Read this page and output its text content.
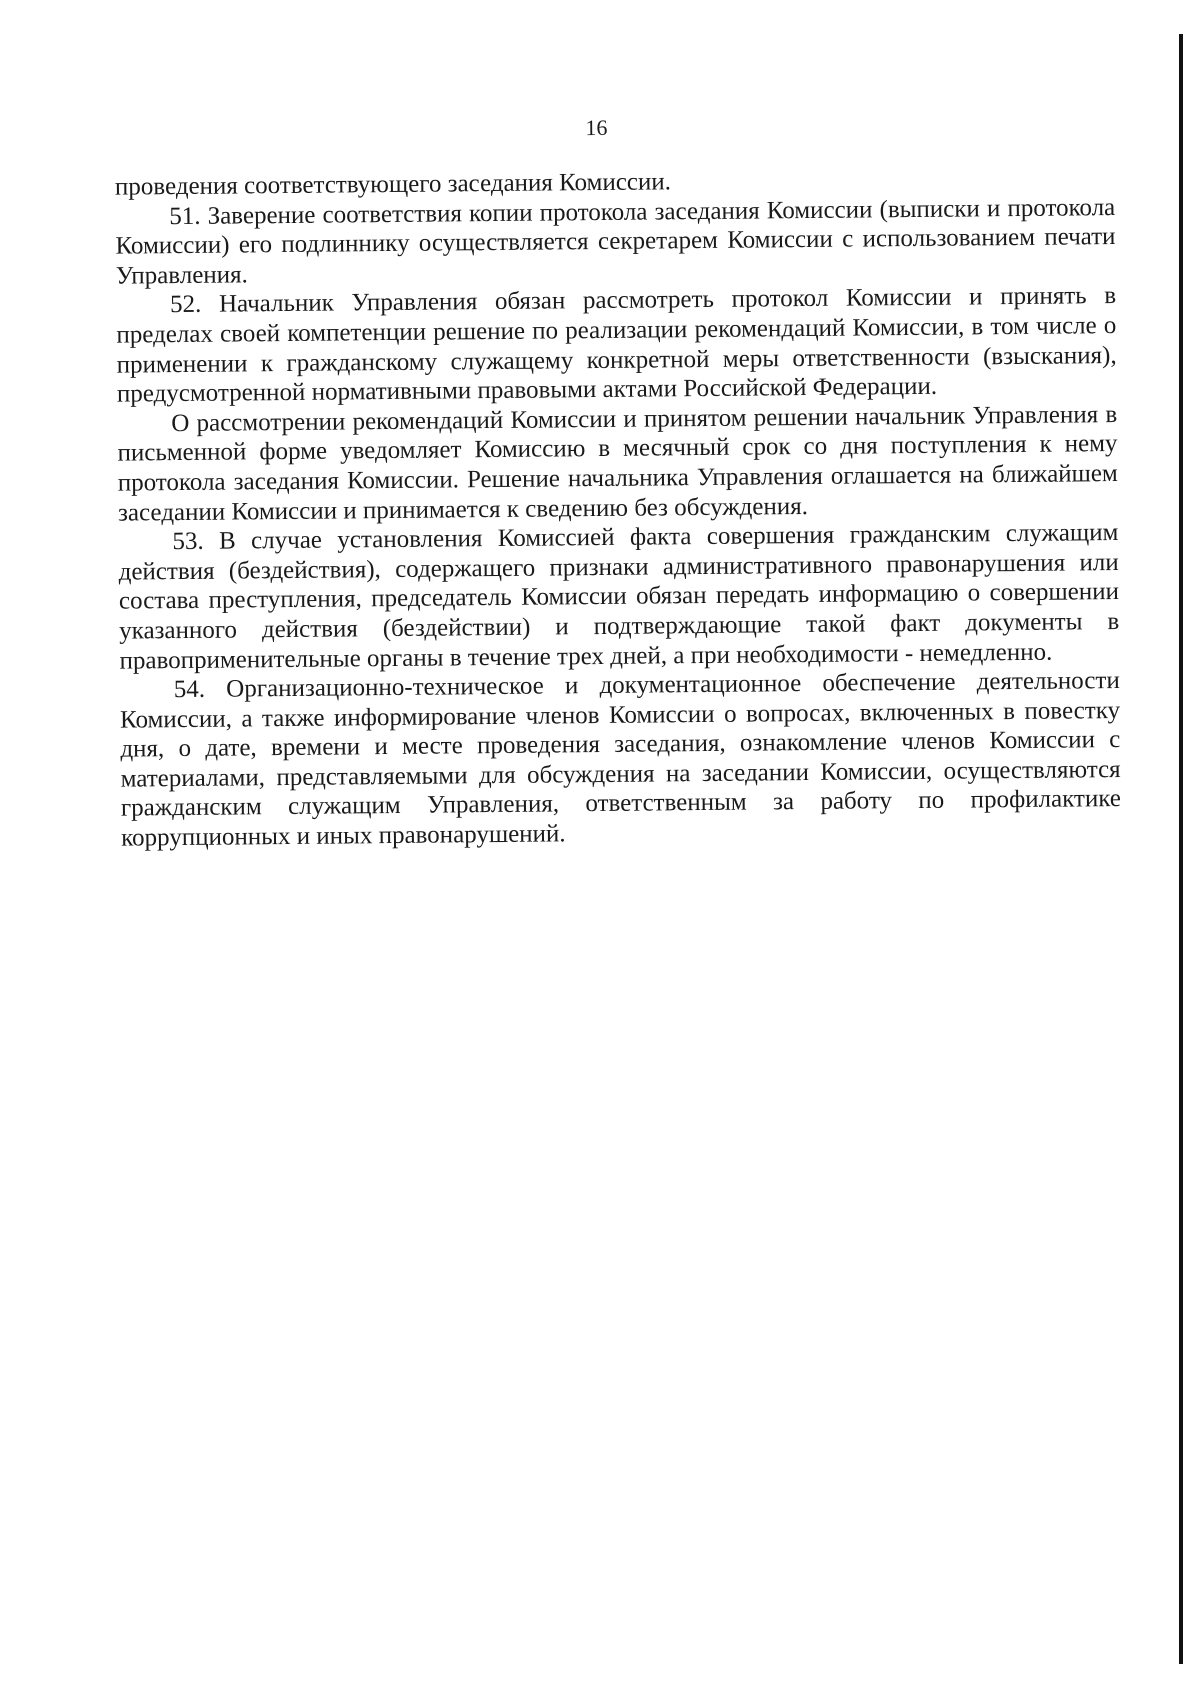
16

проведения соответствующего заседания Комиссии.

51. Заверение соответствия копии протокола заседания Комиссии (выписки и протокола Комиссии) его подлиннику осуществляется секретарем Комиссии с использованием печати Управления.

52. Начальник Управления обязан рассмотреть протокол Комиссии и принять в пределах своей компетенции решение по реализации рекомендаций Комиссии, в том числе о применении к гражданскому служащему конкретной меры ответственности (взыскания), предусмотренной нормативными правовыми актами Российской Федерации.

О рассмотрении рекомендаций Комиссии и принятом решении начальник Управления в письменной форме уведомляет Комиссию в месячный срок со дня поступления к нему протокола заседания Комиссии. Решение начальника Управления оглашается на ближайшем заседании Комиссии и принимается к сведению без обсуждения.

53. В случае установления Комиссией факта совершения гражданским служащим действия (бездействия), содержащего признаки административного правонарушения или состава преступления, председатель Комиссии обязан передать информацию о совершении указанного действия (бездействии) и подтверждающие такой факт документы в правоприменительные органы в течение трех дней, а при необходимости - немедленно.

54. Организационно-техническое и документационное обеспечение деятельности Комиссии, а также информирование членов Комиссии о вопросах, включенных в повестку дня, о дате, времени и месте проведения заседания, ознакомление членов Комиссии с материалами, представляемыми для обсуждения на заседании Комиссии, осуществляются гражданским служащим Управления, ответственным за работу по профилактике коррупционных и иных правонарушений.
